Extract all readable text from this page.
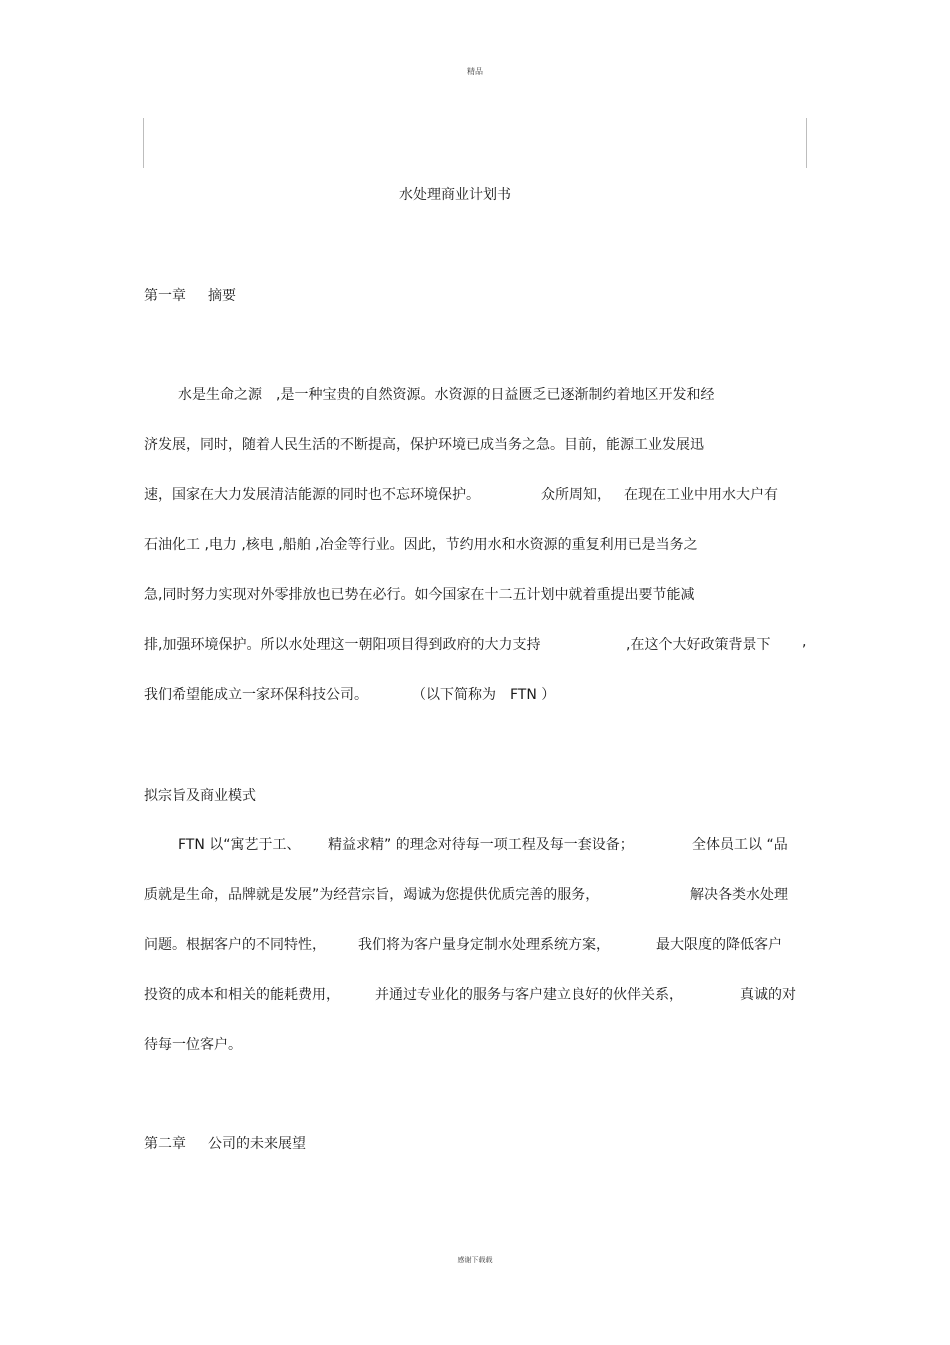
精品
水处理商业计划书
第一章 摘要
水是生命之源　,是一种宝贵的自然资源。水资源的日益匮乏已逐渐制约着地区开发和经
济发展，同时，随着人民生活的不断提高，保护环境已成当务之急。目前，能源工业发展迅
速，国家在大力发展清洁能源的同时也不忘环境保护。	众所周知， 在现在工业中用水大户有
石油化工 ,电力 ,核电 ,船舶 ,冶金等行业。因此，节约用水和水资源的重复利用已是当务之
急,同时努力实现对外零排放也已势在必行。如今国家在十二五计划中就着重提出要节能减
排,加强环境保护。所以水处理这一朝阳项目得到政府的大力支持	,在这个大好政策背景下 ,
我们希望能成立一家环保科技公司。	（以下简称为　FTN ）
拟宗旨及商业模式
FTN 以“寓艺于工、 精益求精” 的理念对待每一项工程及每一套设备；	全体员工以 “品
质就是生命，品牌就是发展”为经营宗旨，竭诚为您提供优质完善的服务，	解决各类水处理
问题。根据客户的不同特性， 我们将为客户量身定制水处理系统方案，	最大限度的降低客户
投资的成本和相关的能耗费用，	并通过专业化的服务与客户建立良好的伙伴关系，	真诚的对
待每一位客户。
第二章 公司的未来展望
感谢下载载
